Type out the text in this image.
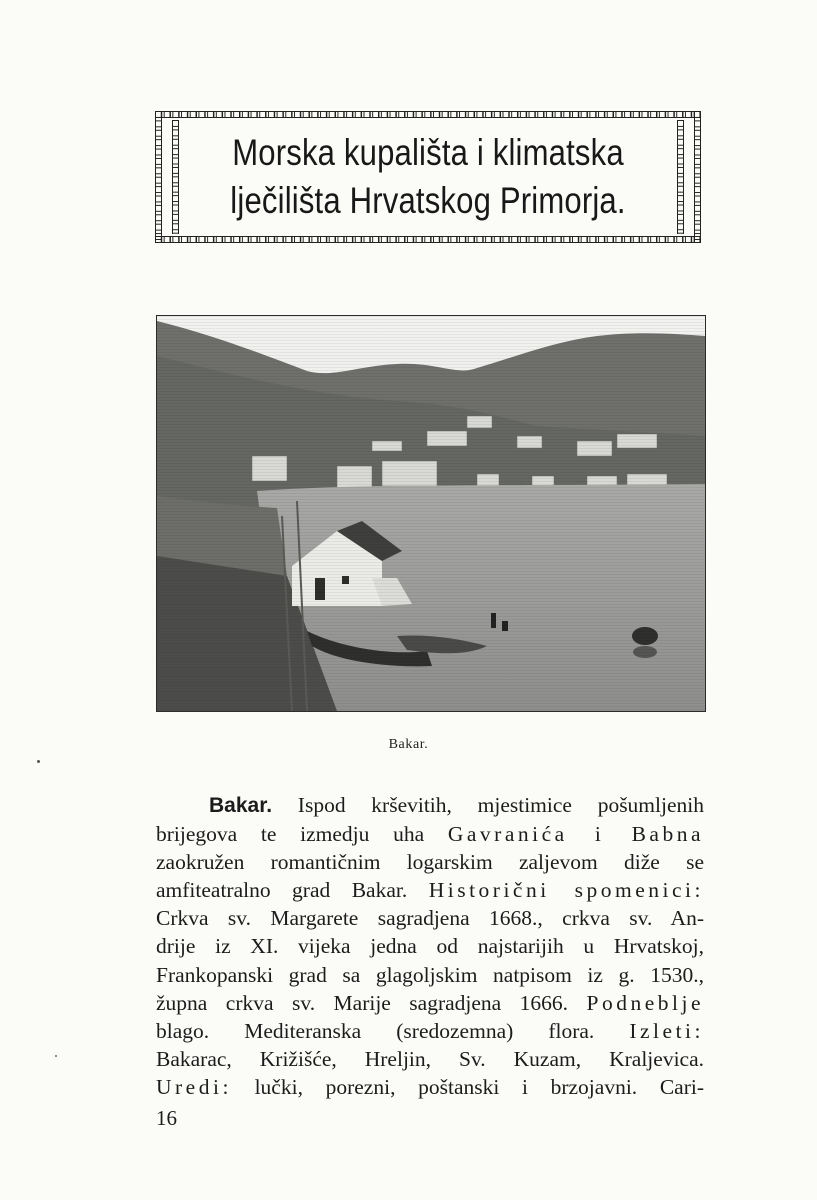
Morska kupališta i klimatska
lječilišta Hrvatskog Primorja.
Bakar.
Bakar. Ispod krševitih, mjestimice pošumljenih
brijegova te izmedju uha Gavranića i Babna
zaokružen romantičnim logarskim zaljevom diže se
amfiteatralno grad Bakar. Historični spomenici:
Crkva sv. Margarete sagradjena 1668., crkva sv. An-
drije iz XI. vijeka jedna od najstarijih u Hrvatskoj,
Frankopanski grad sa glagoljskim natpisom iz g. 1530.,
župna crkva sv. Marije sagradjena 1666. Podneblje
blago. Mediteranska (sredozemna) flora. Izleti:
Bakarac, Križišće, Hreljin, Sv. Kuzam, Kraljevica.
Uredi: lučki, porezni, poštanski i brzojavni. Cari-
16
